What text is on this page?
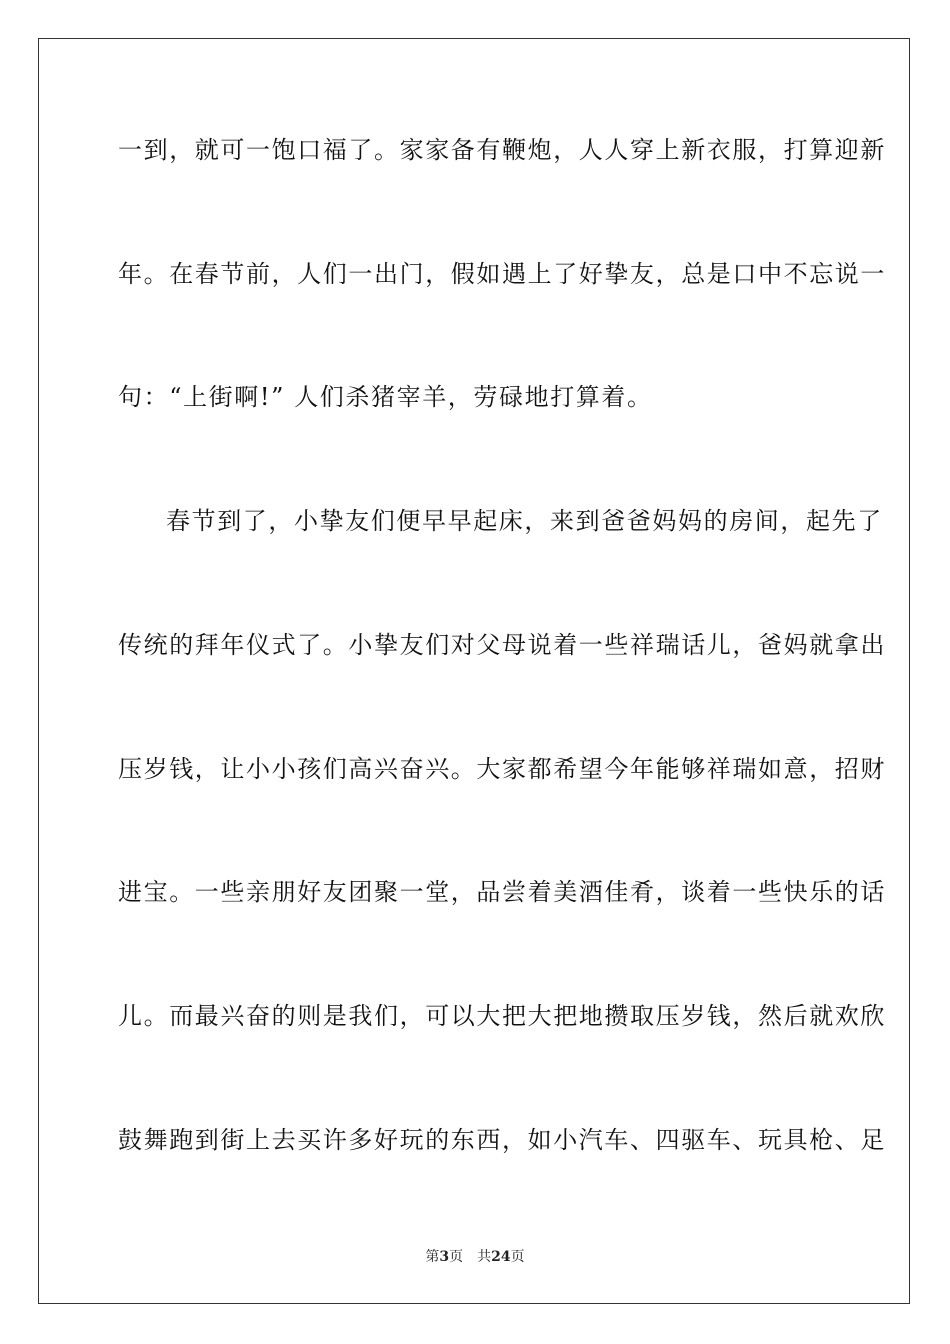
一到，就可一饱口福了。家家备有鞭炮，人人穿上新衣服，打算迎新
年。在春节前，人们一出门，假如遇上了好挚友，总是口中不忘说一
句：“上街啊!” 人们杀猪宰羊，劳碌地打算着。
春节到了，小挚友们便早早起床，来到爸爸妈妈的房间，起先了
传统的拜年仪式了。小挚友们对父母说着一些祥瑞话儿，爸妈就拿出
压岁钱，让小小孩们高兴奋兴。大家都希望今年能够祥瑞如意，招财
进宝。一些亲朋好友团聚一堂，品尝着美酒佳肴，谈着一些快乐的话
儿。而最兴奋的则是我们，可以大把大把地攒取压岁钱，然后就欢欣
鼓舞跑到街上去买许多好玩的东西，如小汽车、四驱车、玩具枪、足
第3页 共24页
